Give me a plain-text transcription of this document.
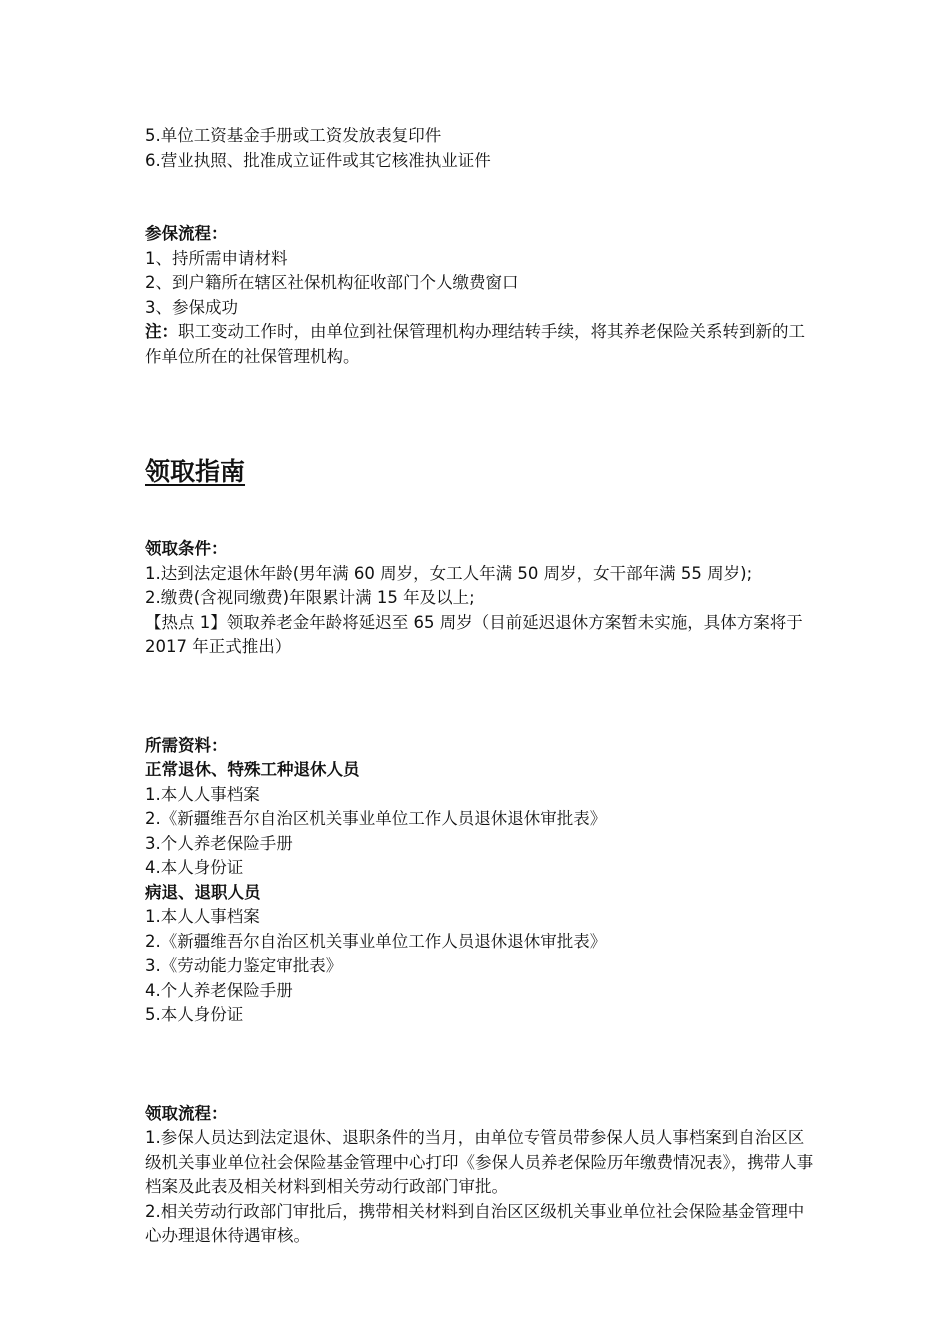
5.单位工资基金手册或工资发放表复印件
6.营业执照、批准成立证件或其它核准执业证件
参保流程：
1、持所需申请材料
2、到户籍所在辖区社保机构征收部门个人缴费窗口
3、参保成功
注：职工变动工作时，由单位到社保管理机构办理结转手续，将其养老保险关系转到新的工作单位所在的社保管理机构。
领取指南
领取条件：
1.达到法定退休年龄(男年满 60 周岁，女工人年满 50 周岁，女干部年满 55 周岁);
2.缴费(含视同缴费)年限累计满 15 年及以上;
【热点 1】领取养老金年龄将延迟至 65 周岁（目前延迟退休方案暂未实施，具体方案将于 2017 年正式推出）
所需资料：
正常退休、特殊工种退休人员
1.本人人事档案
2.《新疆维吾尔自治区机关事业单位工作人员退休退休审批表》
3.个人养老保险手册
4.本人身份证
病退、退职人员
1.本人人事档案
2.《新疆维吾尔自治区机关事业单位工作人员退休退休审批表》
3.《劳动能力鉴定审批表》
4.个人养老保险手册
5.本人身份证
领取流程：
1.参保人员达到法定退休、退职条件的当月，由单位专管员带参保人员人事档案到自治区区级机关事业单位社会保险基金管理中心打印《参保人员养老保险历年缴费情况表》，携带人事档案及此表及相关材料到相关劳动行政部门审批。
2.相关劳动行政部门审批后，携带相关材料到自治区区级机关事业单位社会保险基金管理中心办理退休待遇审核。
